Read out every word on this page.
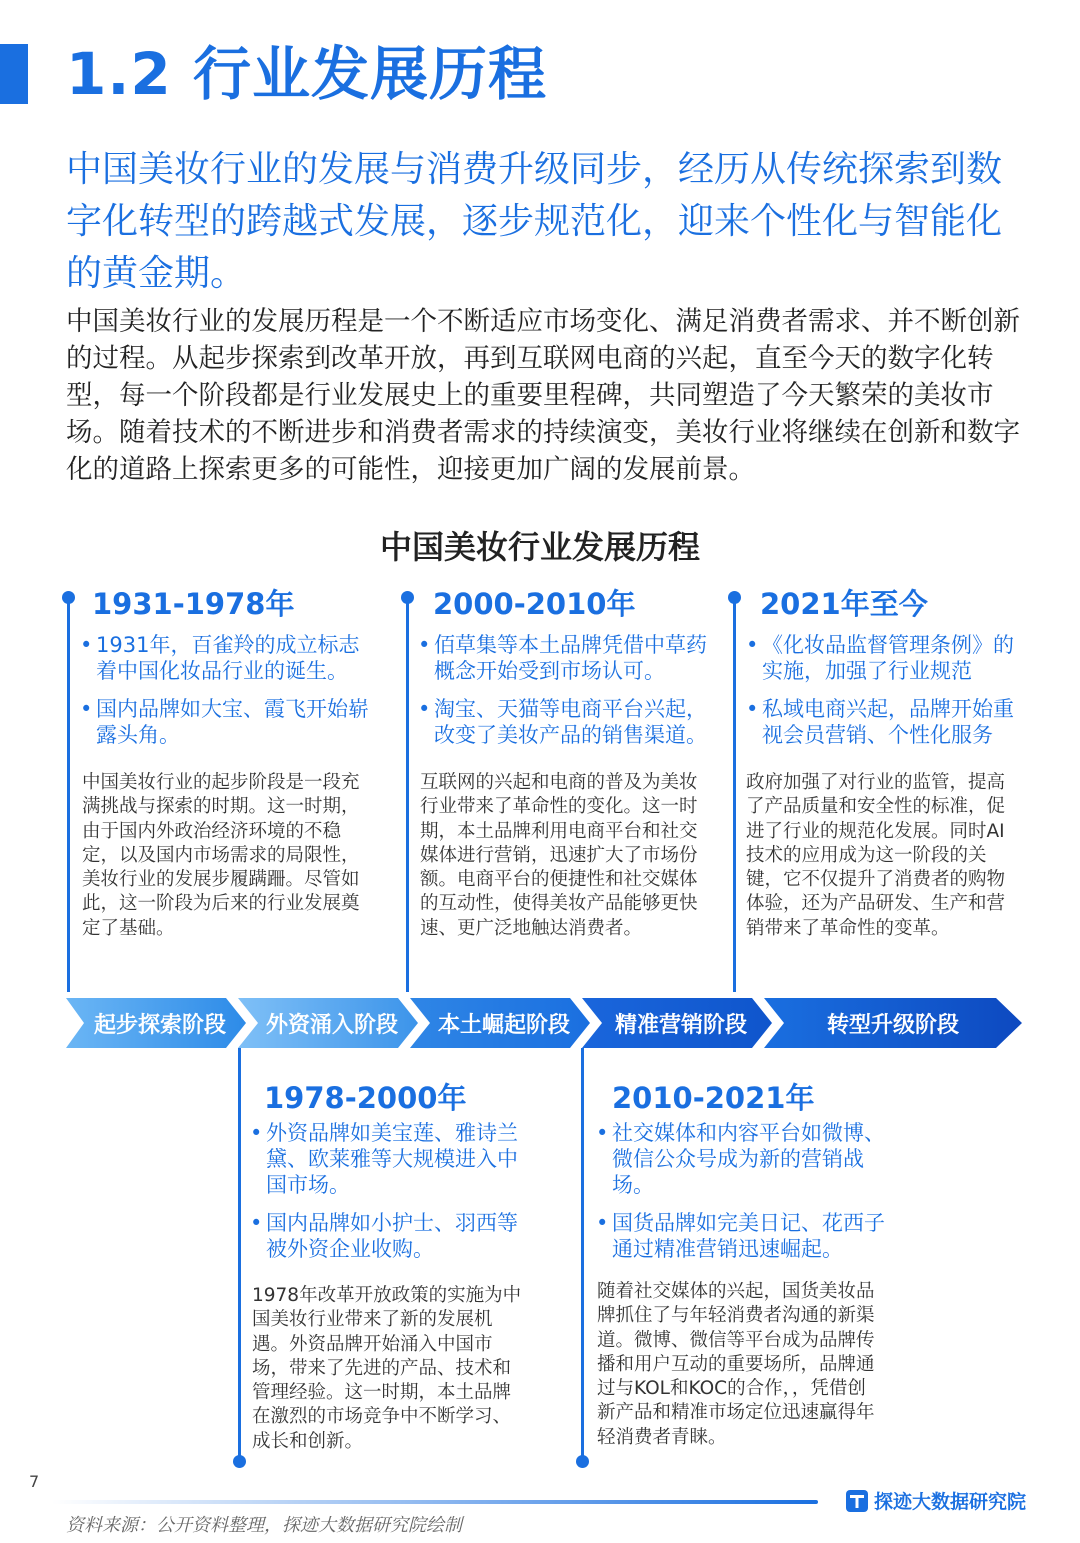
1.2 行业发展历程

中国美妆行业的发展与消费升级同步，经历从传统探索到数字化转型的跨越式发展，逐步规范化，迎来个性化与智能化的黄金期。

中国美妆行业的发展历程是一个不断适应市场变化、满足消费者需求、并不断创新的过程。从起步探索到改革开放，再到互联网电商的兴起，直至今天的数字化转型，每一个阶段都是行业发展史上的重要里程碑，共同塑造了今天繁荣的美妆市场。随着技术的不断进步和消费者需求的持续演变，美妆行业将继续在创新和数字化的道路上探索更多的可能性，迎接更加广阔的发展前景。

中国美妆行业发展历程
1931-1978年
• 1931年，百雀羚的成立标志着中国化妆品行业的诞生。
• 国内品牌如大宝、霞飞开始崭露头角。

中国美妆行业的起步阶段是一段充满挑战与探索的时期。这一时期，由于国内外政治经济环境的不稳定，以及国内市场需求的局限性，美妆行业的发展步履蹒跚。尽管如此，这一阶段为后来的行业发展奠定了基础。

2000-2010年
• 佰草集等本土品牌凭借中草药概念开始受到市场认可。
• 淘宝、天猫等电商平台兴起，改变了美妆产品的销售渠道。

互联网的兴起和电商的普及为美妆行业带来了革命性的变化。这一时期，本土品牌利用电商平台和社交媒体进行营销，迅速扩大了市场份额。电商平台的便捷性和社交媒体的互动性，使得美妆产品能够更快速、更广泛地触达消费者。

2021年至今
• 《化妆品监督管理条例》的实施，加强了行业规范
• 私域电商兴起，品牌开始重视会员营销、个性化服务

政府加强了对行业的监管，提高了产品质量和安全性的标准，促进了行业的规范化发展。同时AI技术的应用成为这一阶段的关键，它不仅提升了消费者的购物体验，还为产品研发、生产和营销带来了革命性的变革。

起步探索阶段 外资涌入阶段 本土崛起阶段 精准营销阶段	转型升级阶段
1978-2000年
• 外资品牌如美宝莲、雅诗兰黛、欧莱雅等大规模进入中国市场。
• 国内品牌如小护士、羽西等被外资企业收购。

1978年改革开放政策的实施为中国美妆行业带来了新的发展机遇。外资品牌开始涌入中国市场，带来了先进的产品、技术和管理经验。这一时期，本土品牌在激烈的市场竞争中不断学习、成长和创新。

2010-2021年
• 社交媒体和内容平台如微博、微信公众号成为新的营销战场。
• 国货品牌如完美日记、花西子通过精准营销迅速崛起。

随着社交媒体的兴起，国货美妆品牌抓住了与年轻消费者沟通的新渠道。微博、微信等平台成为品牌传播和用户互动的重要场所，品牌通过与KOL和KOC的合作，，凭借创新产品和精准市场定位迅速赢得年轻消费者青睐。

7
探迹大数据研究院
资料来源：公开资料整理，探迹大数据研究院绘制
